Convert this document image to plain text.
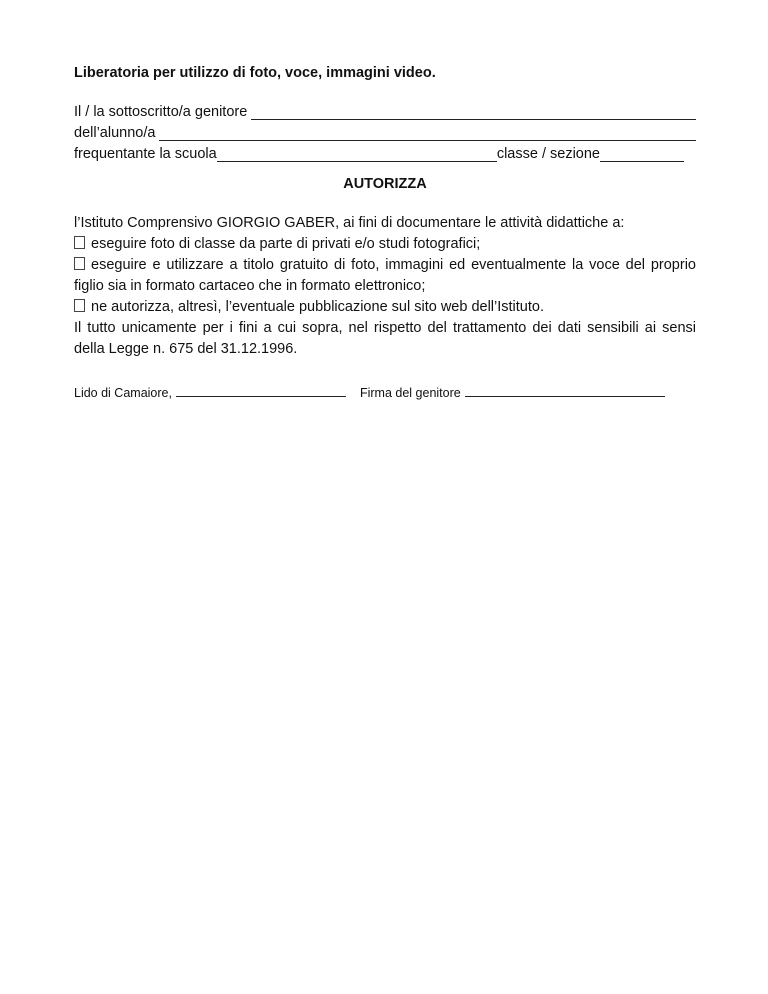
Liberatoria per utilizzo di foto, voce, immagini video.
Il / la sottoscritto/a genitore
dell’alunno/a
frequentante la scuola	classe / sezione
AUTORIZZA
l’Istituto Comprensivo GIORGIO GABER, ai fini di documentare le attività didattiche a:
eseguire foto di classe da parte di privati e/o studi fotografici;
eseguire e utilizzare a titolo gratuito di foto, immagini ed eventualmente la voce del proprio figlio sia in formato cartaceo che in formato elettronico;
ne autorizza, altresì, l’eventuale pubblicazione sul sito web dell’Istituto.
Il tutto unicamente per i fini a cui sopra, nel rispetto del trattamento dei dati sensibili ai sensi della Legge n. 675 del 31.12.1996.
Lido di Camaiore,	Firma del genitore
